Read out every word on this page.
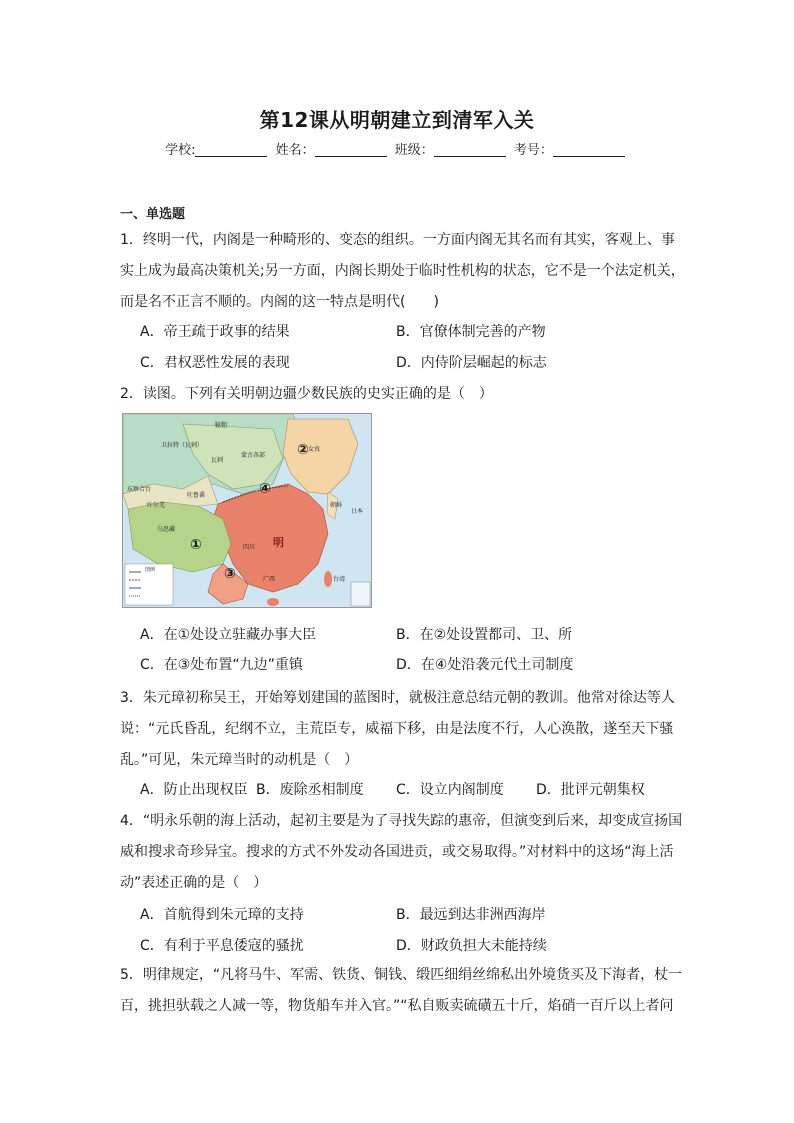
第12课从明朝建立到清军入关
学校:	姓名：	班级：	考号：
一、单选题
1．终明一代，内阁是一种畸形的、变态的组织。一方面内阁无其名而有其实，客观上、事
实上成为最高决策机关;另一方面，内阁长期处于临时性机构的状态，它不是一个法定机关，
而是名不正言不顺的。内阁的这一特点是明代(　　)
A．帝王疏于政事的结果	B．官僚体制完善的产物
C．君权恶性发展的表现	D．内侍阶层崛起的标志
2．读图。下列有关明朝边疆少数民族的史实正确的是（　）
鞑靼
瓦剌
女真
明
乌思藏
蒙古各部
东察合台
卫拉特（瓦剌）
吐鲁番
叶尔羌	朝鲜
日本
四川
广西	台湾
图例
①
②
③
④
A．在①处设立驻藏办事大臣	B．在②处设置都司、卫、所
C．在③处布置“九边”重镇	D．在④处沿袭元代土司制度
3．朱元璋初称吴王，开始筹划建国的蓝图时，就极注意总结元朝的教训。他常对徐达等人
说：“元氏昏乱，纪纲不立，主荒臣专，威福下移，由是法度不行，人心涣散，遂至天下骚
乱。”可见，朱元璋当时的动机是（　）
A．防止出现权臣 B．废除丞相制度 C．设立内阁制度 D．批评元朝集权
4．“明永乐朝的海上活动，起初主要是为了寻找失踪的惠帝，但演变到后来，却变成宣扬国
威和搜求奇珍异宝。搜求的方式不外发动各国进贡，或交易取得。”对材料中的这场“海上活
动”表述正确的是（　）
A．首航得到朱元璋的支持	B．最远到达非洲西海岸
C．有利于平息倭寇的骚扰	D．财政负担大未能持续
5．明律规定，“凡将马牛、军需、铁货、铜钱、缎匹细绢丝绵私出外境货买及下海者，杖一
百，挑担驮载之人减一等，物货船车并入官。”“私自贩卖硫磺五十斤，焰硝一百斤以上者问
